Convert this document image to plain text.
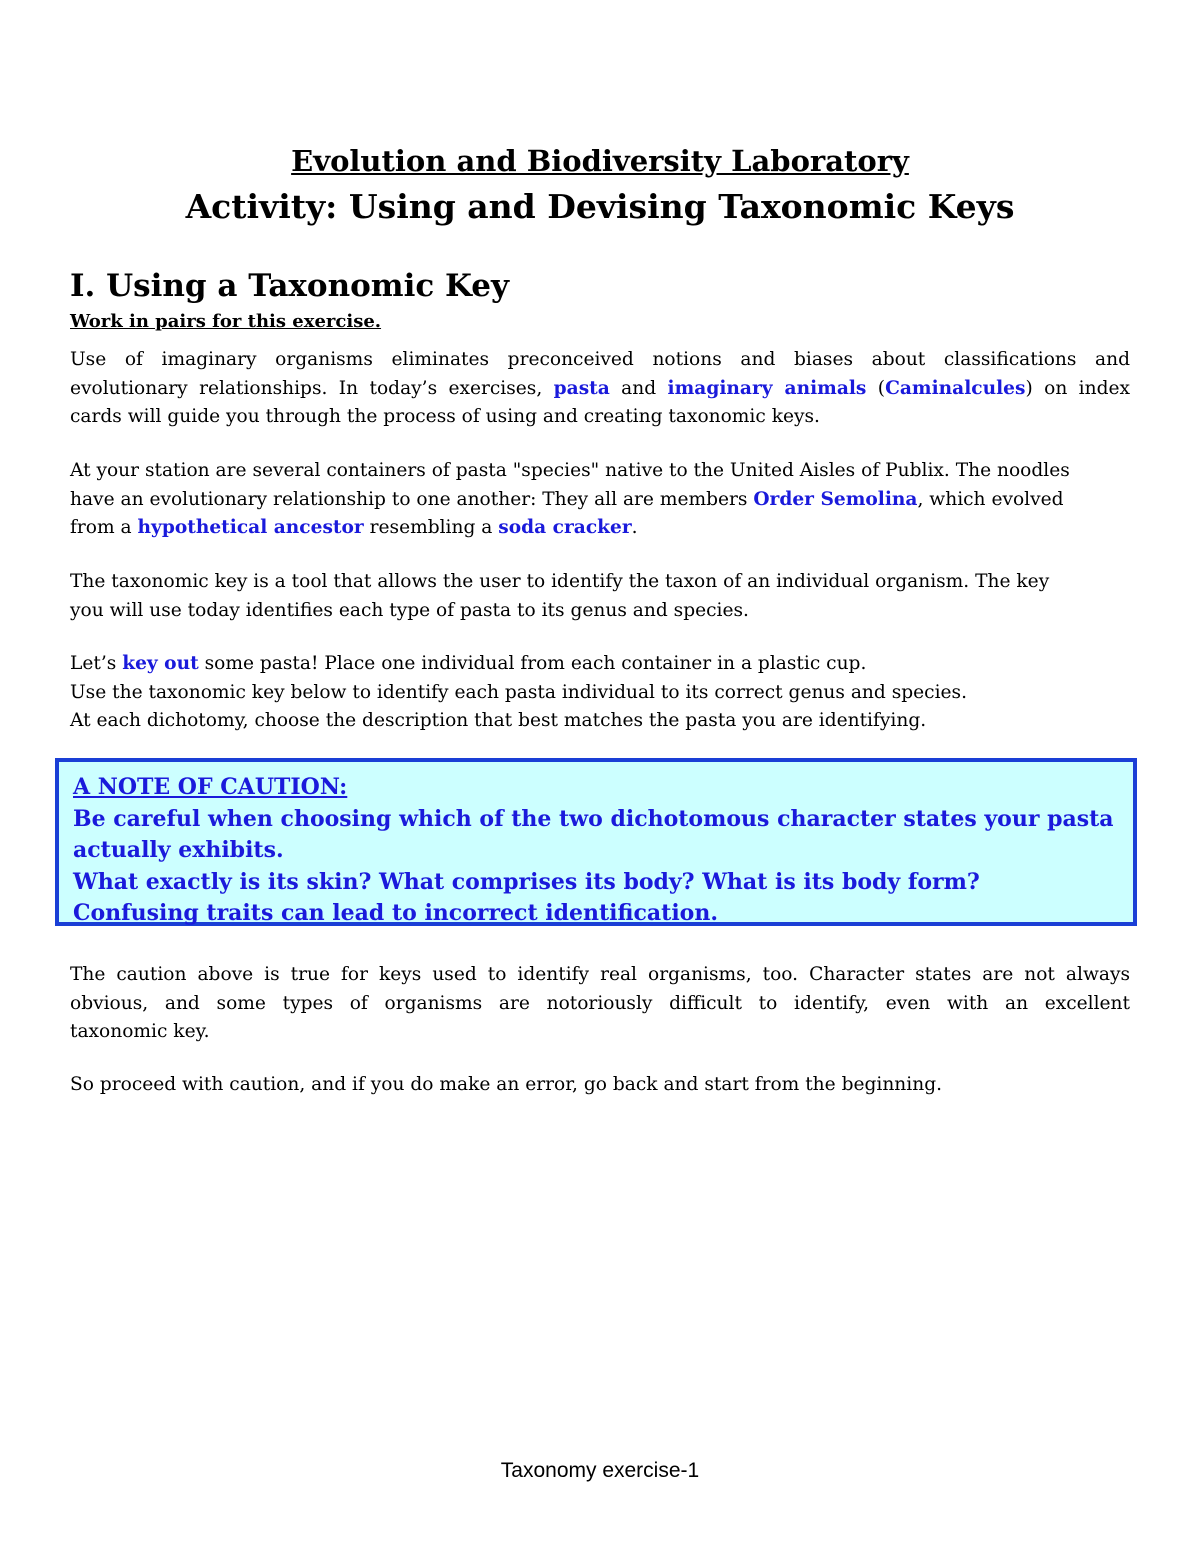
Evolution and Biodiversity Laboratory
Activity: Using and Devising Taxonomic Keys
I. Using a Taxonomic Key
Work in pairs for this exercise.
Use of imaginary organisms eliminates preconceived notions and biases about classifications and
evolutionary relationships. In today’s exercises, pasta and imaginary animals (Caminalcules) on index
cards will guide you through the process of using and creating taxonomic keys.
At your station are several containers of pasta "species" native to the United Aisles of Publix. The noodles
have an evolutionary relationship to one another: They all are members Order Semolina, which evolved
from a hypothetical ancestor resembling a soda cracker.
The taxonomic key is a tool that allows the user to identify the taxon of an individual organism. The key
you will use today identifies each type of pasta to its genus and species.
Let’s key out some pasta! Place one individual from each container in a plastic cup.
Use the taxonomic key below to identify each pasta individual to its correct genus and species.
At each dichotomy, choose the description that best matches the pasta you are identifying.
A NOTE OF CAUTION:
Be careful when choosing which of the two dichotomous character states your pasta
actually exhibits.
What exactly is its skin? What comprises its body? What is its body form?
Confusing traits can lead to incorrect identification.
The caution above is true for keys used to identify real organisms, too. Character states are not always
obvious, and some types of organisms are notoriously difficult to identify, even with an excellent
taxonomic key.
So proceed with caution, and if you do make an error, go back and start from the beginning.
Taxonomy exercise-1
